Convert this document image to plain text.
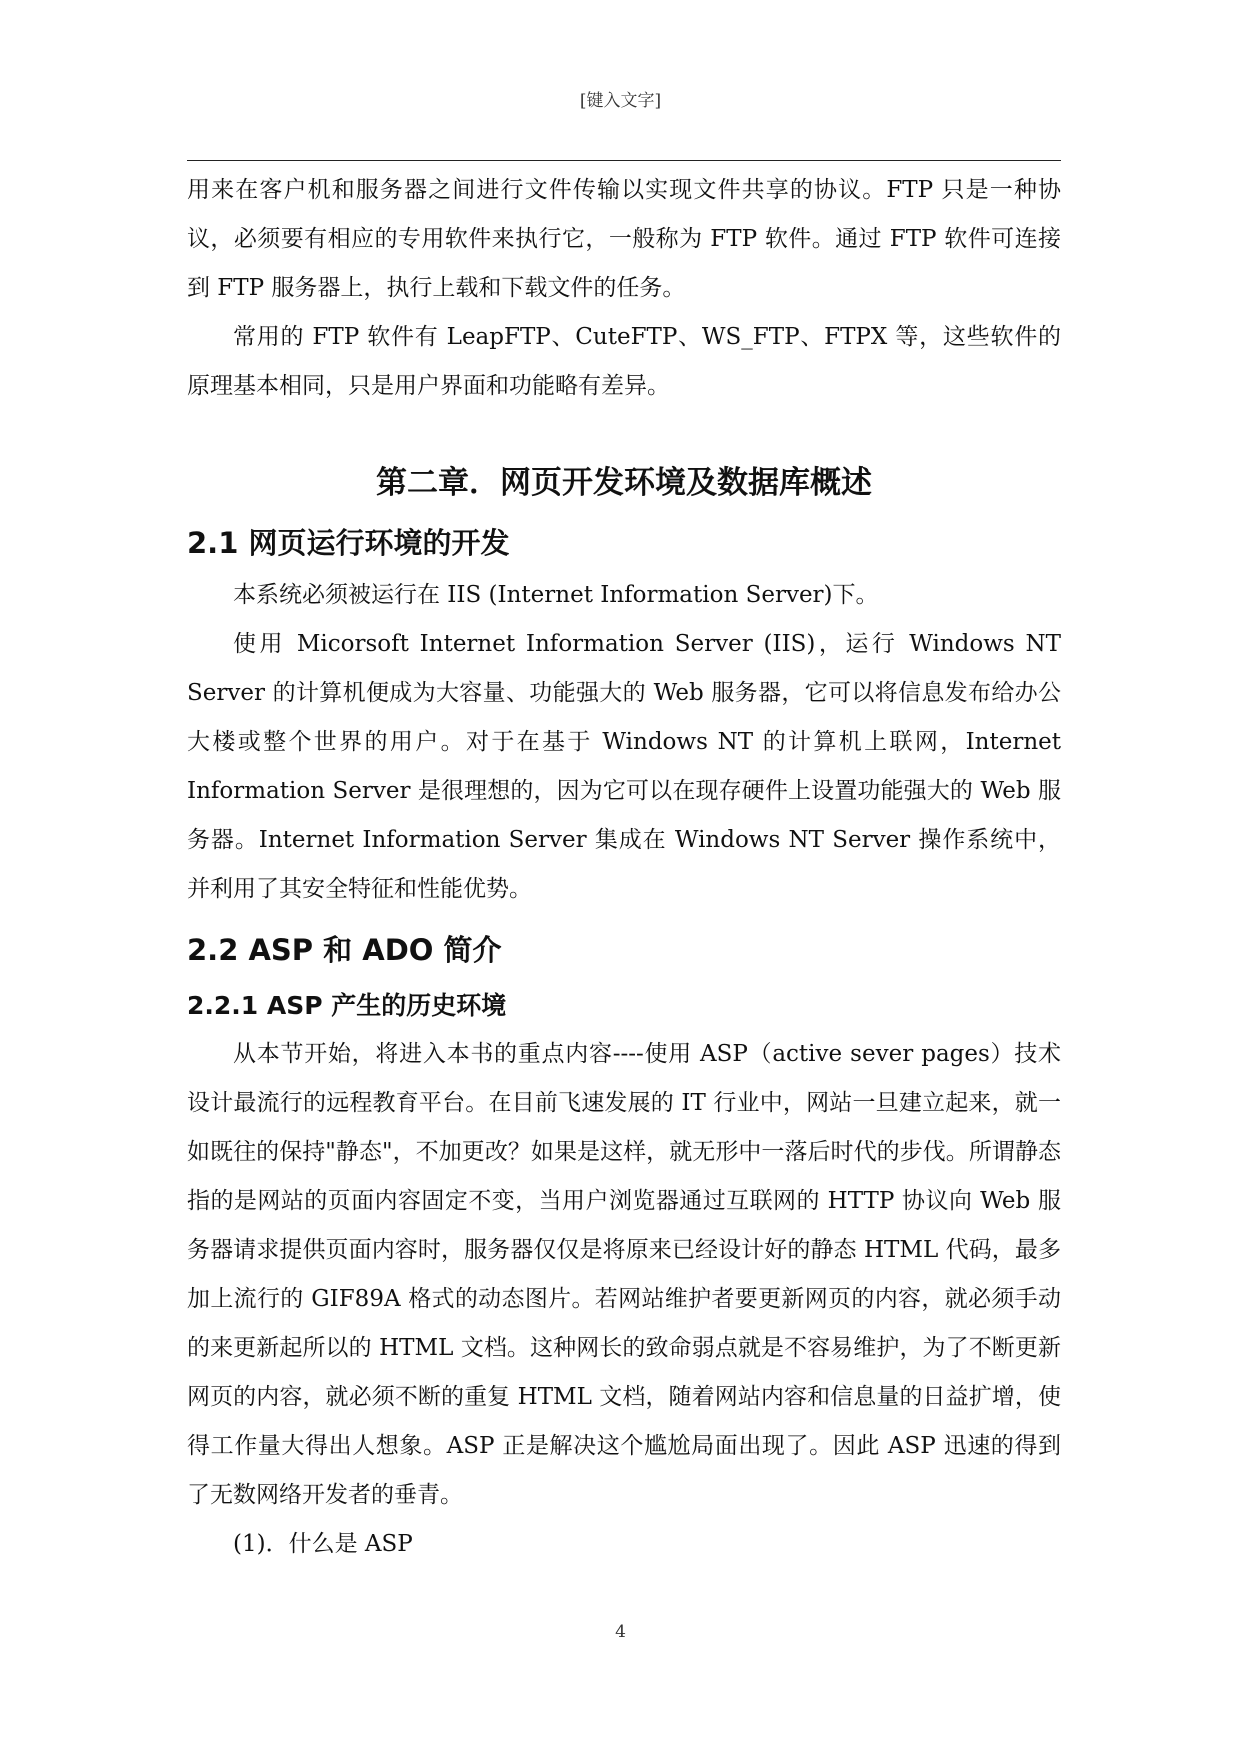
[键入文字]

用来在客户机和服务器之间进行文件传输以实现文件共享的协议。FTP 只是一种协议，必须要有相应的专用软件来执行它，一般称为 FTP 软件。通过 FTP 软件可连接到 FTP 服务器上，执行上载和下载文件的任务。

常用的 FTP 软件有 LeapFTP、CuteFTP、WS_FTP、FTPX 等，这些软件的原理基本相同，只是用户界面和功能略有差异。

第二章．网页开发环境及数据库概述
2.1 网页运行环境的开发

本系统必须被运行在 IIS (Internet Information Server)下。

使用 Micorsoft Internet Information Server (IIS)，运行 Windows NT Server 的计算机便成为大容量、功能强大的 Web 服务器，它可以将信息发布给办公大楼或整个世界的用户。对于在基于 Windows NT 的计算机上联网，Internet Information Server 是很理想的，因为它可以在现存硬件上设置功能强大的 Web 服务器。Internet Information Server 集成在 Windows NT Server 操作系统中，并利用了其安全特征和性能优势。

2.2 ASP 和 ADO 简介
2.2.1 ASP 产生的历史环境

从本节开始，将进入本书的重点内容----使用 ASP（active sever pages）技术设计最流行的远程教育平台。在目前飞速发展的 IT 行业中，网站一旦建立起来，就一如既往的保持"静态"，不加更改？如果是这样，就无形中一落后时代的步伐。所谓静态指的是网站的页面内容固定不变，当用户浏览器通过互联网的 HTTP 协议向 Web 服务器请求提供页面内容时，服务器仅仅是将原来已经设计好的静态 HTML 代码，最多加上流行的 GIF89A 格式的动态图片。若网站维护者要更新网页的内容，就必须手动的来更新起所以的 HTML 文档。这种网长的致命弱点就是不容易维护，为了不断更新网页的内容，就必须不断的重复 HTML 文档，随着网站内容和信息量的日益扩增，使得工作量大得出人想象。ASP 正是解决这个尴尬局面出现了。因此 ASP 迅速的得到了无数网络开发者的垂青。

(1)．什么是 ASP

4
